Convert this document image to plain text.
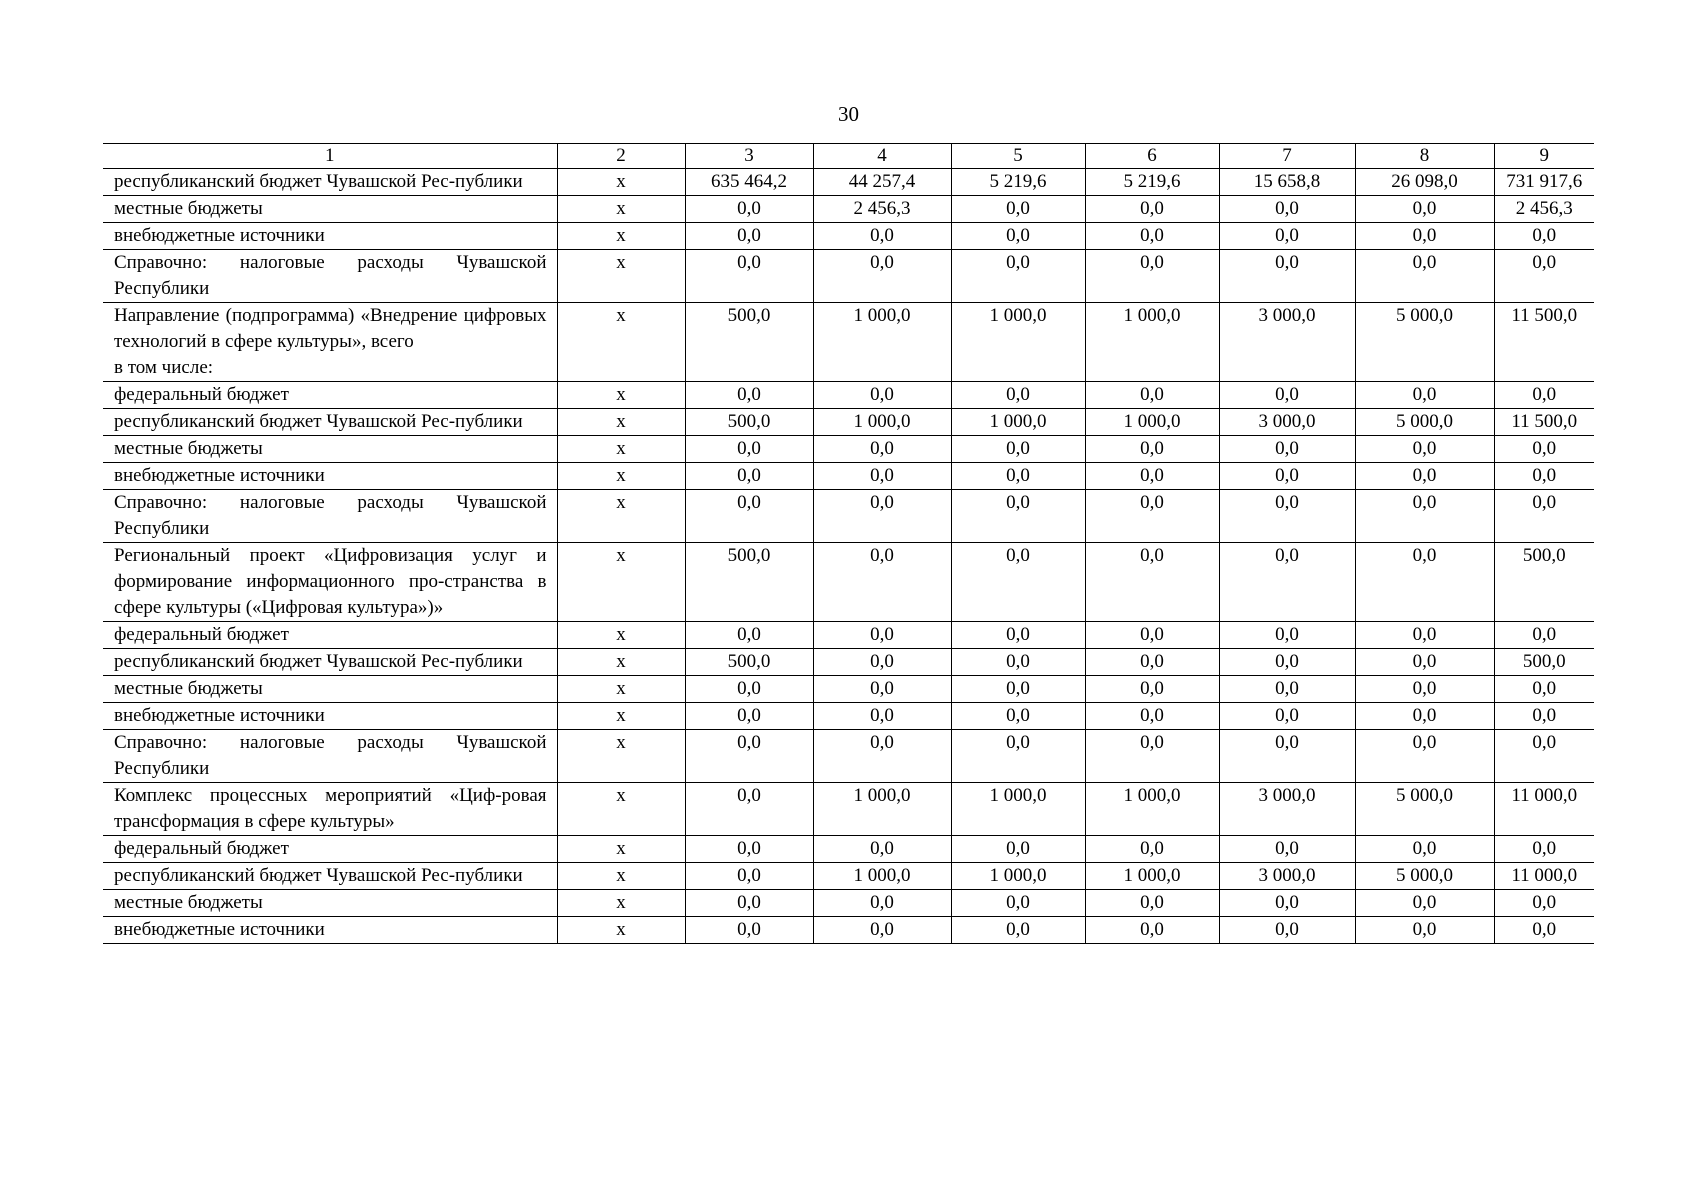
30
1	2	3	4	5	6	7	8	9
республиканский бюджет Чувашской Рес-публики	x	635 464,2	44 257,4	5 219,6	5 219,6	15 658,8	26 098,0	731 917,6
местные бюджеты	x	0,0	2 456,3	0,0	0,0	0,0	0,0	2 456,3
внебюджетные источники	x	0,0	0,0	0,0	0,0	0,0	0,0	0,0
Справочно: налоговые расходы Чувашской Республики	x	0,0	0,0	0,0	0,0	0,0	0,0	0,0
Направление (подпрограмма) «Внедрение цифровых технологий в сфере культуры», всего
в том числе:	x	500,0	1 000,0	1 000,0	1 000,0	3 000,0	5 000,0	11 500,0
федеральный бюджет	x	0,0	0,0	0,0	0,0	0,0	0,0	0,0
республиканский бюджет Чувашской Рес-публики	x	500,0	1 000,0	1 000,0	1 000,0	3 000,0	5 000,0	11 500,0
местные бюджеты	x	0,0	0,0	0,0	0,0	0,0	0,0	0,0
внебюджетные источники	x	0,0	0,0	0,0	0,0	0,0	0,0	0,0
Справочно: налоговые расходы Чувашской Республики	x	0,0	0,0	0,0	0,0	0,0	0,0	0,0
Региональный проект «Цифровизация услуг и формирование информационного про-странства в сфере культуры («Цифровая культура»)»	x	500,0	0,0	0,0	0,0	0,0	0,0	500,0
федеральный бюджет	x	0,0	0,0	0,0	0,0	0,0	0,0	0,0
республиканский бюджет Чувашской Рес-публики	x	500,0	0,0	0,0	0,0	0,0	0,0	500,0
местные бюджеты	x	0,0	0,0	0,0	0,0	0,0	0,0	0,0
внебюджетные источники	x	0,0	0,0	0,0	0,0	0,0	0,0	0,0
Справочно: налоговые расходы Чувашской Республики	x	0,0	0,0	0,0	0,0	0,0	0,0	0,0
Комплекс процессных мероприятий «Циф-ровая трансформация в сфере культуры»	x	0,0	1 000,0	1 000,0	1 000,0	3 000,0	5 000,0	11 000,0
федеральный бюджет	x	0,0	0,0	0,0	0,0	0,0	0,0	0,0
республиканский бюджет Чувашской Рес-публики	x	0,0	1 000,0	1 000,0	1 000,0	3 000,0	5 000,0	11 000,0
местные бюджеты	x	0,0	0,0	0,0	0,0	0,0	0,0	0,0
внебюджетные источники	x	0,0	0,0	0,0	0,0	0,0	0,0	0,0
